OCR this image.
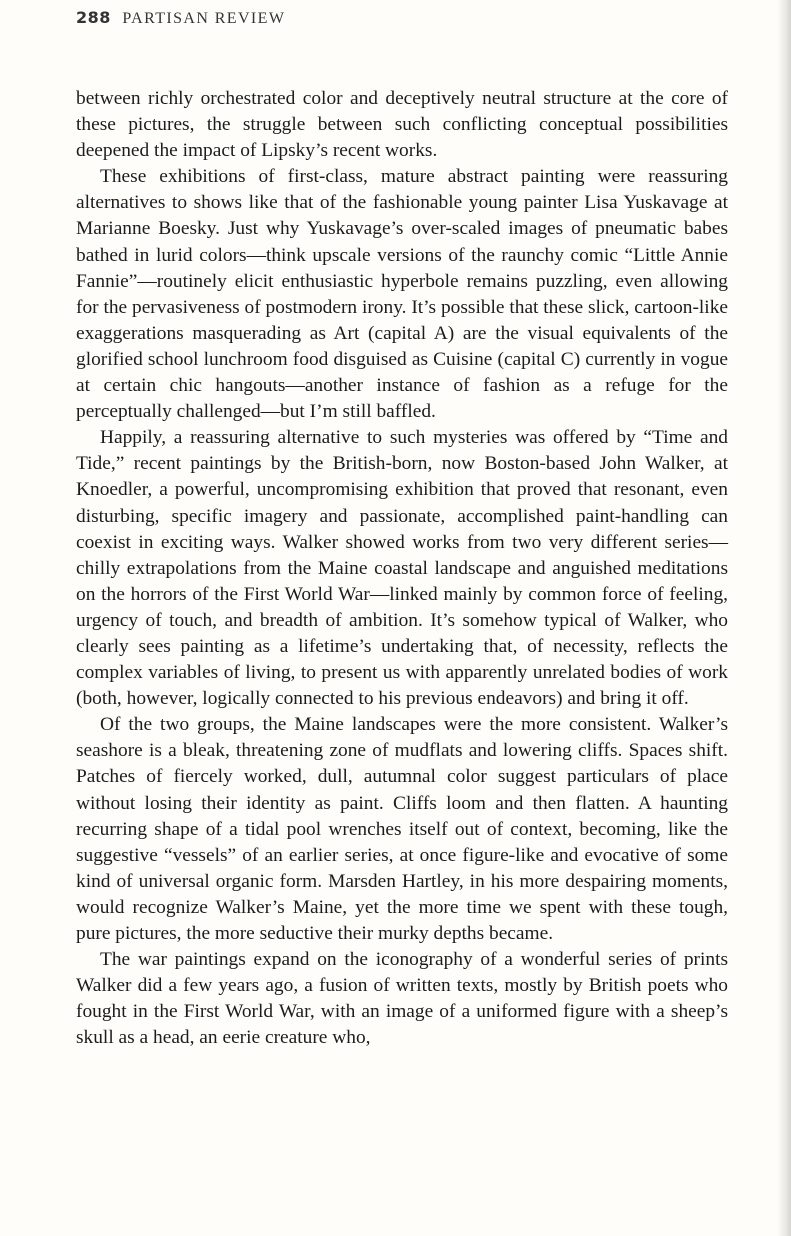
288 PARTISAN REVIEW

between richly orchestrated color and deceptively neutral structure at the core of these pictures, the struggle between such conflicting conceptual possibilities deepened the impact of Lipsky’s recent works.

These exhibitions of first-class, mature abstract painting were reassuring alternatives to shows like that of the fashionable young painter Lisa Yuskavage at Marianne Boesky. Just why Yuskavage’s over-scaled images of pneumatic babes bathed in lurid colors—think upscale versions of the raunchy comic “Little Annie Fannie”—routinely elicit enthusiastic hyperbole remains puzzling, even allowing for the pervasiveness of postmodern irony. It’s possible that these slick, cartoon-like exaggerations masquerading as Art (capital A) are the visual equivalents of the glorified school lunchroom food disguised as Cuisine (capital C) currently in vogue at certain chic hangouts—another instance of fashion as a refuge for the perceptually challenged—but I’m still baffled.

Happily, a reassuring alternative to such mysteries was offered by “Time and Tide,” recent paintings by the British-born, now Boston-based John Walker, at Knoedler, a powerful, uncompromising exhibition that proved that resonant, even disturbing, specific imagery and passionate, accomplished paint-handling can coexist in exciting ways. Walker showed works from two very different series—chilly extrapolations from the Maine coastal landscape and anguished meditations on the horrors of the First World War—linked mainly by common force of feeling, urgency of touch, and breadth of ambition. It’s somehow typical of Walker, who clearly sees painting as a lifetime’s undertaking that, of necessity, reflects the complex variables of living, to present us with apparently unrelated bodies of work (both, however, logically connected to his previous endeavors) and bring it off.

Of the two groups, the Maine landscapes were the more consistent. Walker’s seashore is a bleak, threatening zone of mudflats and lowering cliffs. Spaces shift. Patches of fiercely worked, dull, autumnal color suggest particulars of place without losing their identity as paint. Cliffs loom and then flatten. A haunting recurring shape of a tidal pool wrenches itself out of context, becoming, like the suggestive “vessels” of an earlier series, at once figure-like and evocative of some kind of universal organic form. Marsden Hartley, in his more despairing moments, would recognize Walker’s Maine, yet the more time we spent with these tough, pure pictures, the more seductive their murky depths became.

The war paintings expand on the iconography of a wonderful series of prints Walker did a few years ago, a fusion of written texts, mostly by British poets who fought in the First World War, with an image of a uniformed figure with a sheep’s skull as a head, an eerie creature who,
